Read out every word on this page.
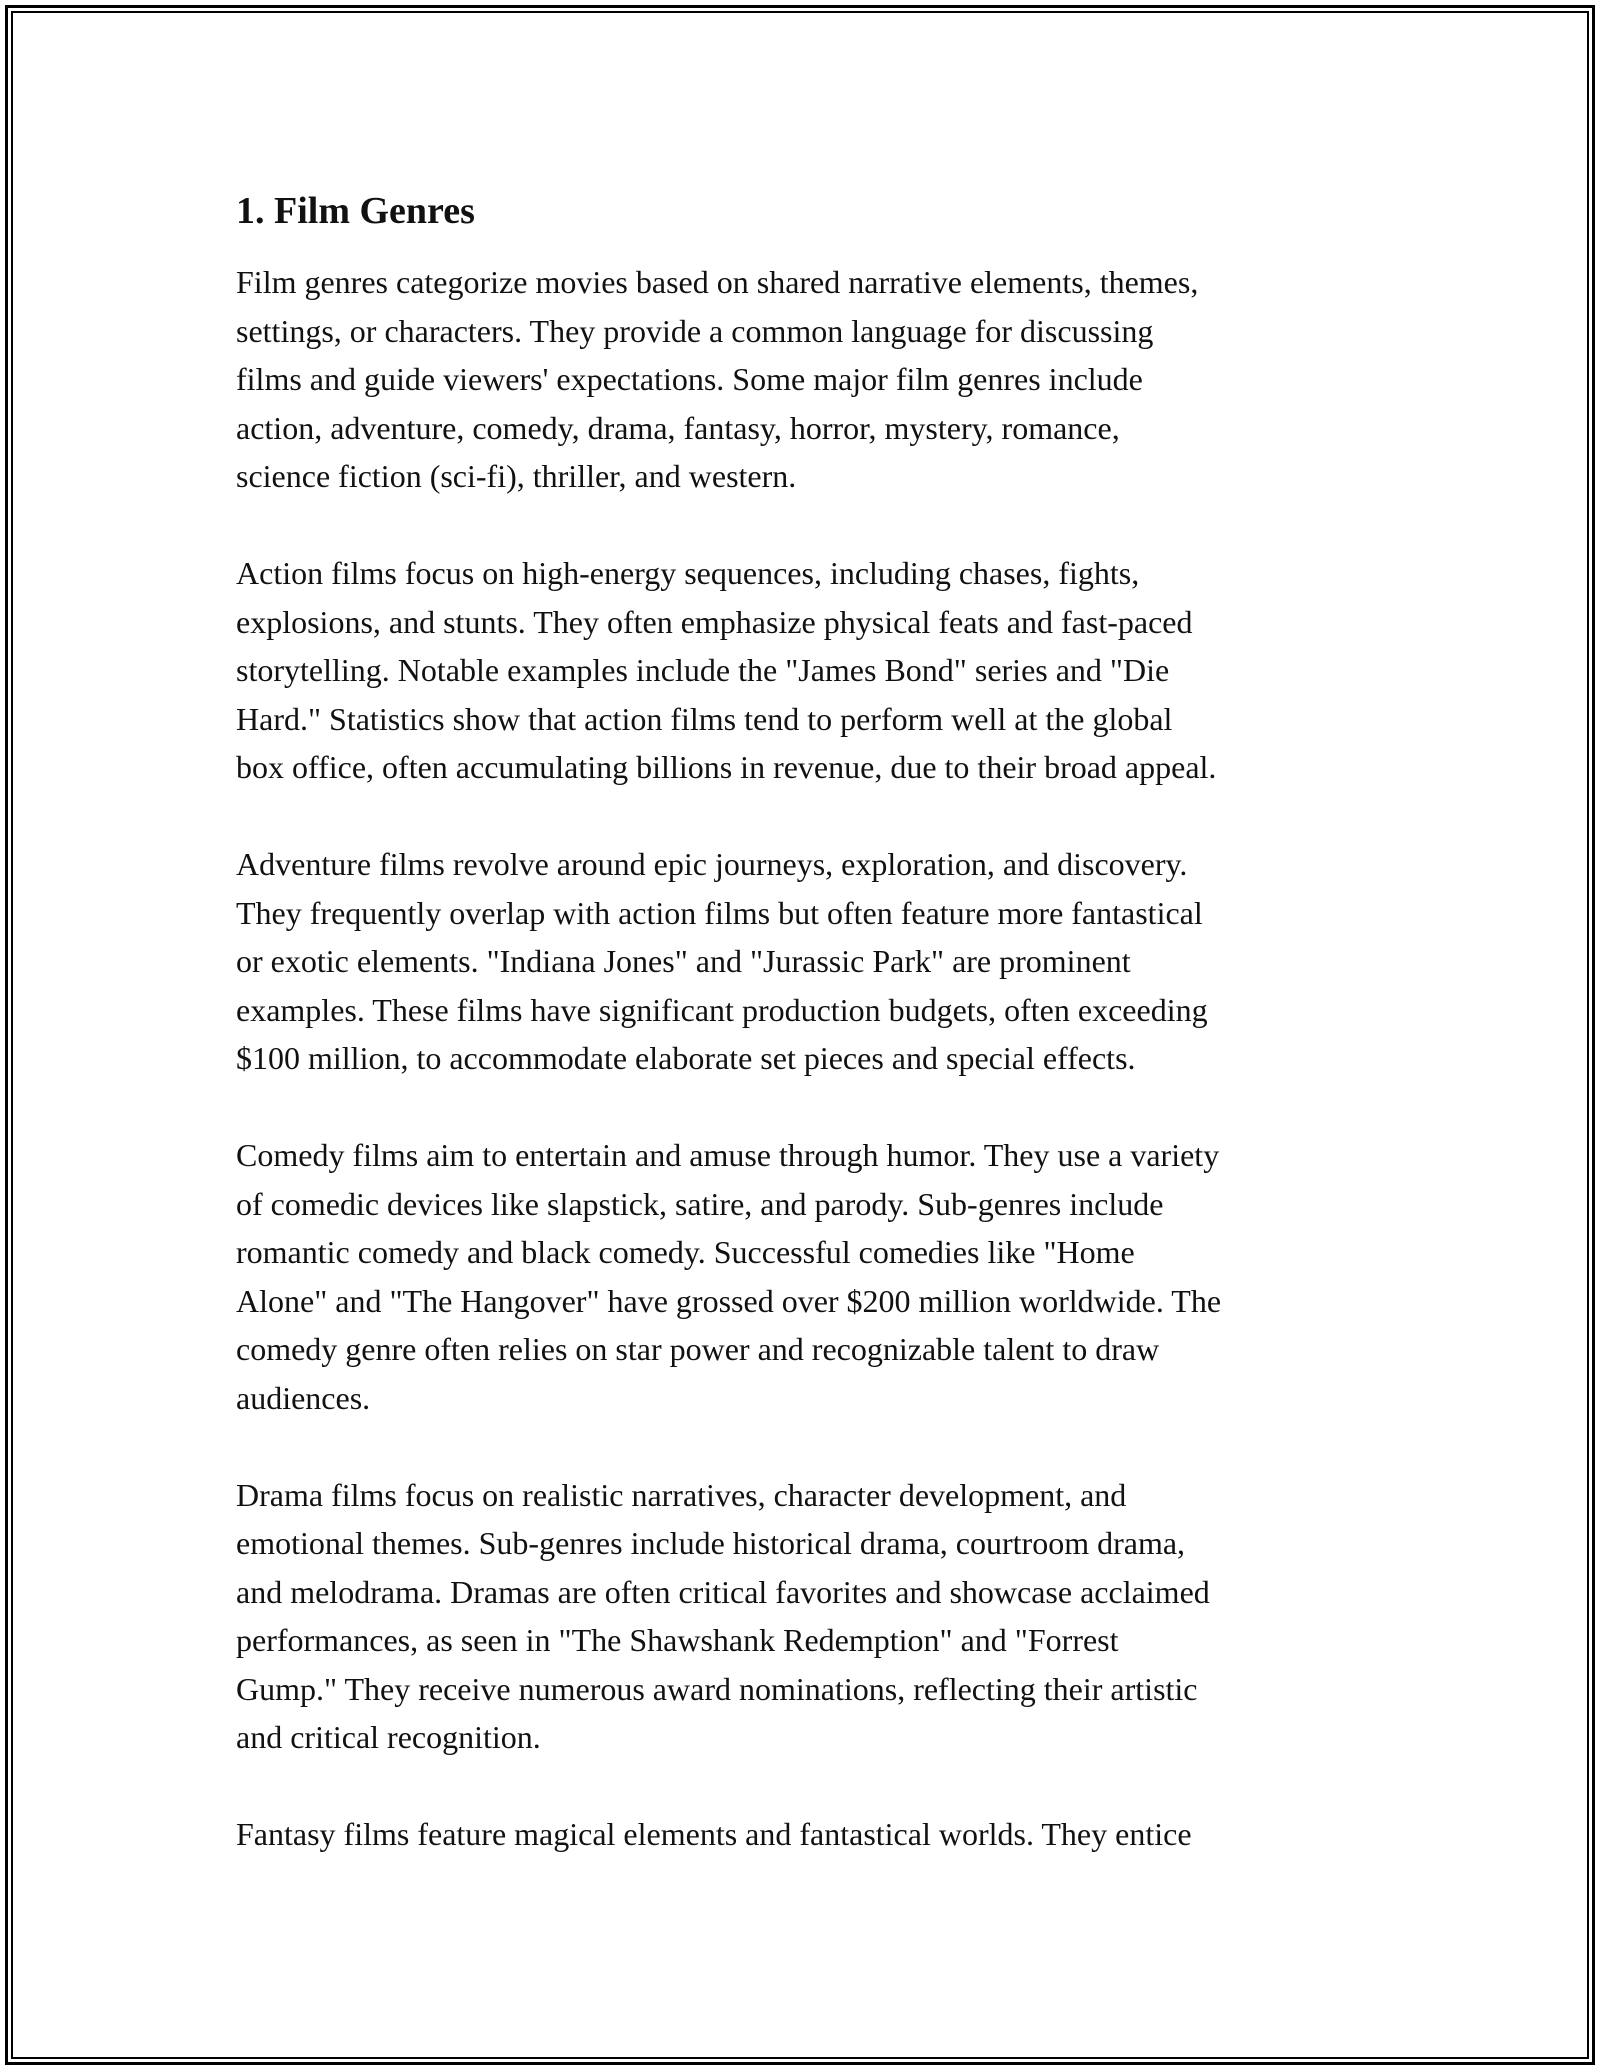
1. Film Genres

Film genres categorize movies based on shared narrative elements, themes,
settings, or characters. They provide a common language for discussing
films and guide viewers' expectations. Some major film genres include
action, adventure, comedy, drama, fantasy, horror, mystery, romance,
science fiction (sci-fi), thriller, and western.

Action films focus on high-energy sequences, including chases, fights,
explosions, and stunts. They often emphasize physical feats and fast-paced
storytelling. Notable examples include the "James Bond" series and "Die
Hard." Statistics show that action films tend to perform well at the global
box office, often accumulating billions in revenue, due to their broad appeal.

Adventure films revolve around epic journeys, exploration, and discovery.
They frequently overlap with action films but often feature more fantastical
or exotic elements. "Indiana Jones" and "Jurassic Park" are prominent
examples. These films have significant production budgets, often exceeding
$100 million, to accommodate elaborate set pieces and special effects.

Comedy films aim to entertain and amuse through humor. They use a variety
of comedic devices like slapstick, satire, and parody. Sub-genres include
romantic comedy and black comedy. Successful comedies like "Home
Alone" and "The Hangover" have grossed over $200 million worldwide. The
comedy genre often relies on star power and recognizable talent to draw
audiences.

Drama films focus on realistic narratives, character development, and
emotional themes. Sub-genres include historical drama, courtroom drama,
and melodrama. Dramas are often critical favorites and showcase acclaimed
performances, as seen in "The Shawshank Redemption" and "Forrest
Gump." They receive numerous award nominations, reflecting their artistic
and critical recognition.

Fantasy films feature magical elements and fantastical worlds. They entice
